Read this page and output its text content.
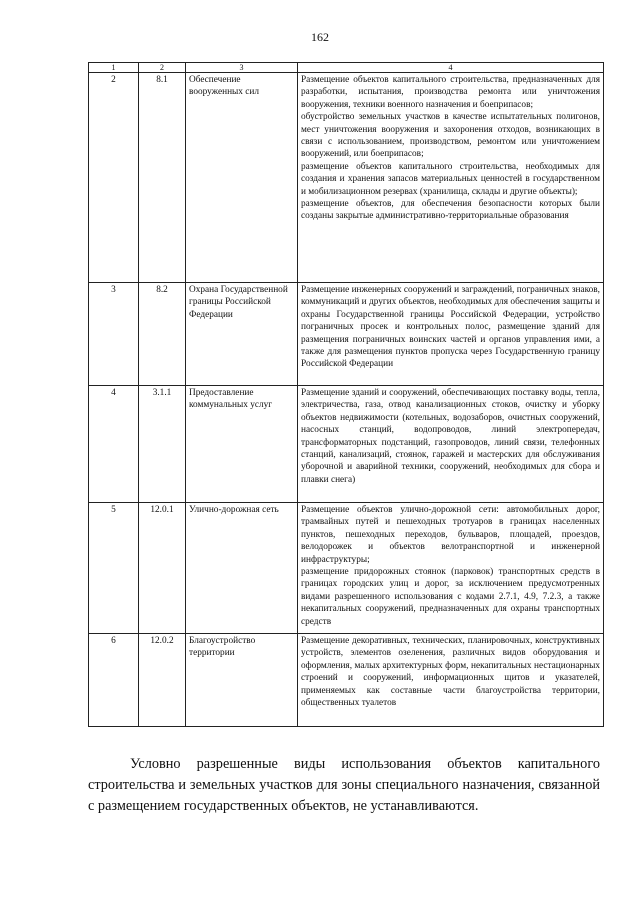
162
1	2	3	4
2	8.1	Обеспечение вооруженных сил	Размещение объектов капитального строительства, предназначенных для разработки, испытания, производства ремонта или уничтожения вооружения, техники военного назначения и боеприпасов;
обустройство земельных участков в качестве испытательных полигонов, мест уничтожения вооружения и захоронения отходов, возникающих в связи с использованием, производством, ремонтом или уничтожением вооружений, или боеприпасов;
размещение объектов капитального строительства, необходимых для создания и хранения запасов материальных ценностей в государственном и мобилизационном резервах (хранилища, склады и другие объекты);
размещение объектов, для обеспечения безопасности которых были созданы закрытые административно-территориальные образования

3	8.2	Охрана Государственной границы Российской Федерации	Размещение инженерных сооружений и заграждений, пограничных знаков, коммуникаций и других объектов, необходимых для обеспечения защиты и охраны Государственной границы Российской Федерации, устройство пограничных просек и контрольных полос, размещение зданий для размещения пограничных воинских частей и органов управления ими, а также для размещения пунктов пропуска через Государственную границу Российской Федерации

4	3.1.1	Предоставление коммунальных услуг	Размещение зданий и сооружений, обеспечивающих поставку воды, тепла, электричества, газа, отвод канализационных стоков, очистку и уборку объектов недвижимости (котельных, водозаборов, очистных сооружений, насосных станций, водопроводов, линий электропередач, трансформаторных подстанций, газопроводов, линий связи, телефонных станций, канализаций, стоянок, гаражей и мастерских для обслуживания уборочной и аварийной техники, сооружений, необходимых для сбора и плавки снега)

5	12.0.1	Улично-дорожная сеть	Размещение объектов улично-дорожной сети: автомобильных дорог, трамвайных путей и пешеходных тротуаров в границах населенных пунктов, пешеходных переходов, бульваров, площадей, проездов, велодорожек и объектов велотранспортной и инженерной инфраструктуры;
размещение придорожных стоянок (парковок) транспортных средств в границах городских улиц и дорог, за исключением предусмотренных видами разрешенного использования с кодами 2.7.1, 4.9, 7.2.3, а также некапитальных сооружений, предназначенных для охраны транспортных средств

6	12.0.2	Благоустройство территории	Размещение декоративных, технических, планировочных, конструктивных устройств, элементов озеленения, различных видов оборудования и оформления, малых архитектурных форм, некапитальных нестационарных строений и сооружений, информационных щитов и указателей, применяемых как составные части благоустройства территории, общественных туалетов

Условно разрешенные виды использования объектов капитального строительства и земельных участков для зоны специального назначения, связанной с размещением государственных объектов, не устанавливаются.
